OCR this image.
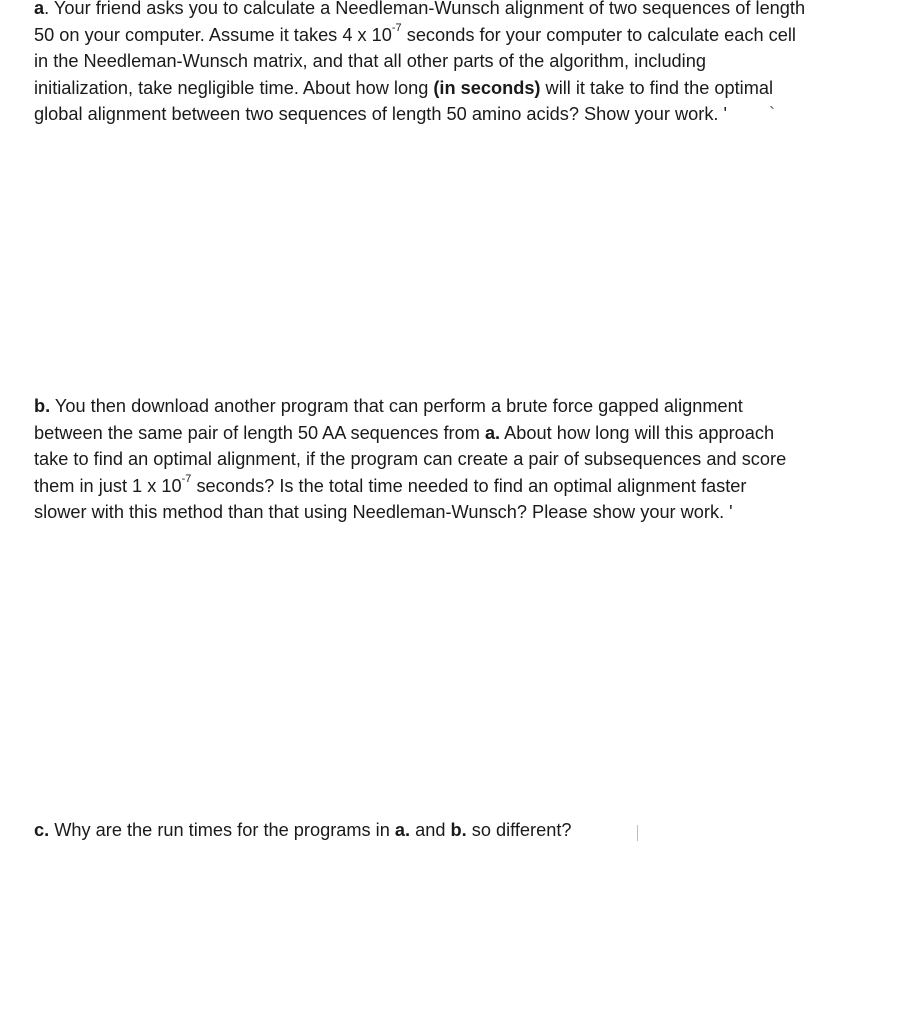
a. Your friend asks you to calculate a Needleman-Wunsch alignment of two sequences of length
50 on your computer. Assume it takes 4 x $10^{-7}$ seconds for your computer to calculate each cell
in the Needleman-Wunsch matrix, and that all other parts of the algorithm, including
initialization, take negligible time. About how long (in seconds) will it take to find the optimal
global alignment between two sequences of length 50 amino acids? Show your work. ' `
b. You then download another program that can perform a brute force gapped alignment
between the same pair of length 50 AA sequences from a. About how long will this approach
take to find an optimal alignment, if the program can create a pair of subsequences and score
them in just 1 x $10^{-7}$ seconds? Is the total time needed to find an optimal alignment faster
slower with this method than that using Needleman-Wunsch? Please show your work. '
c. Why are the run times for the programs in a. and b. so different?
